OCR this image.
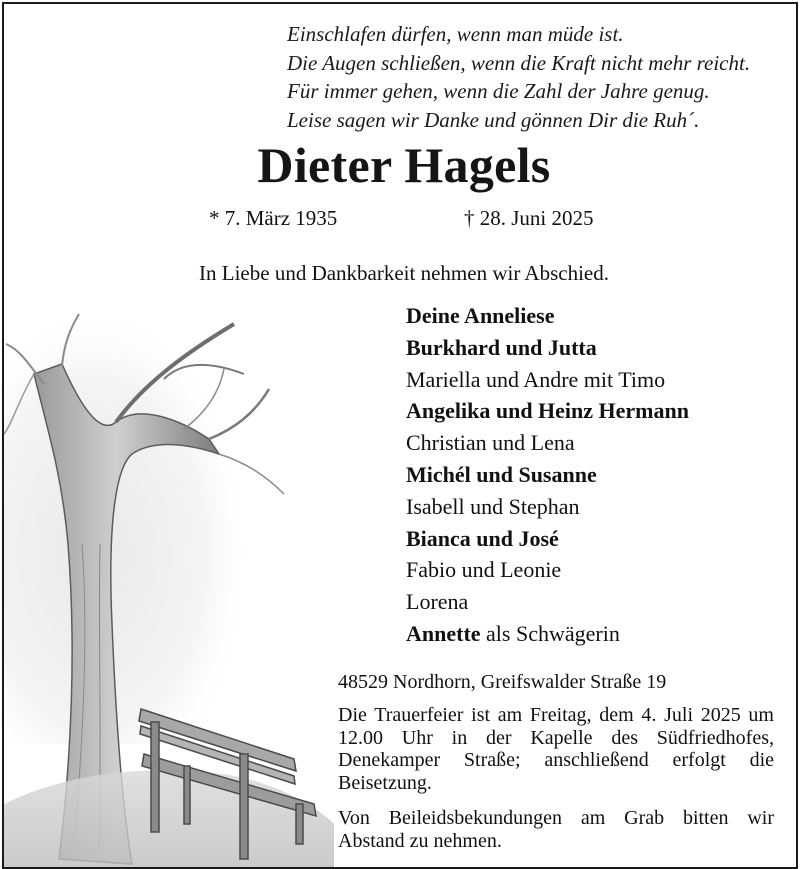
Einschlafen dürfen, wenn man müde ist.
Die Augen schließen, wenn die Kraft nicht mehr reicht.
Für immer gehen, wenn die Zahl der Jahre genug.
Leise sagen wir Danke und gönnen Dir die Ruh´.
Dieter Hagels
* 7. März 1935	† 28. Juni 2025
In Liebe und Dankbarkeit nehmen wir Abschied.
Deine Anneliese
Burkhard und Jutta
Mariella und Andre mit Timo
Angelika und Heinz Hermann
Christian und Lena
Michél und Susanne
Isabell und Stephan
Bianca und José
Fabio und Leonie
Lorena
Annette als Schwägerin
48529 Nordhorn, Greifswalder Straße 19
Die Trauerfeier ist am Freitag, dem 4. Juli 2025 um 12.00 Uhr in der Kapelle des Südfriedhofes, Denekamper Straße; anschließend erfolgt die Beisetzung.
Von Beileidsbekundungen am Grab bitten wir Abstand zu nehmen.
